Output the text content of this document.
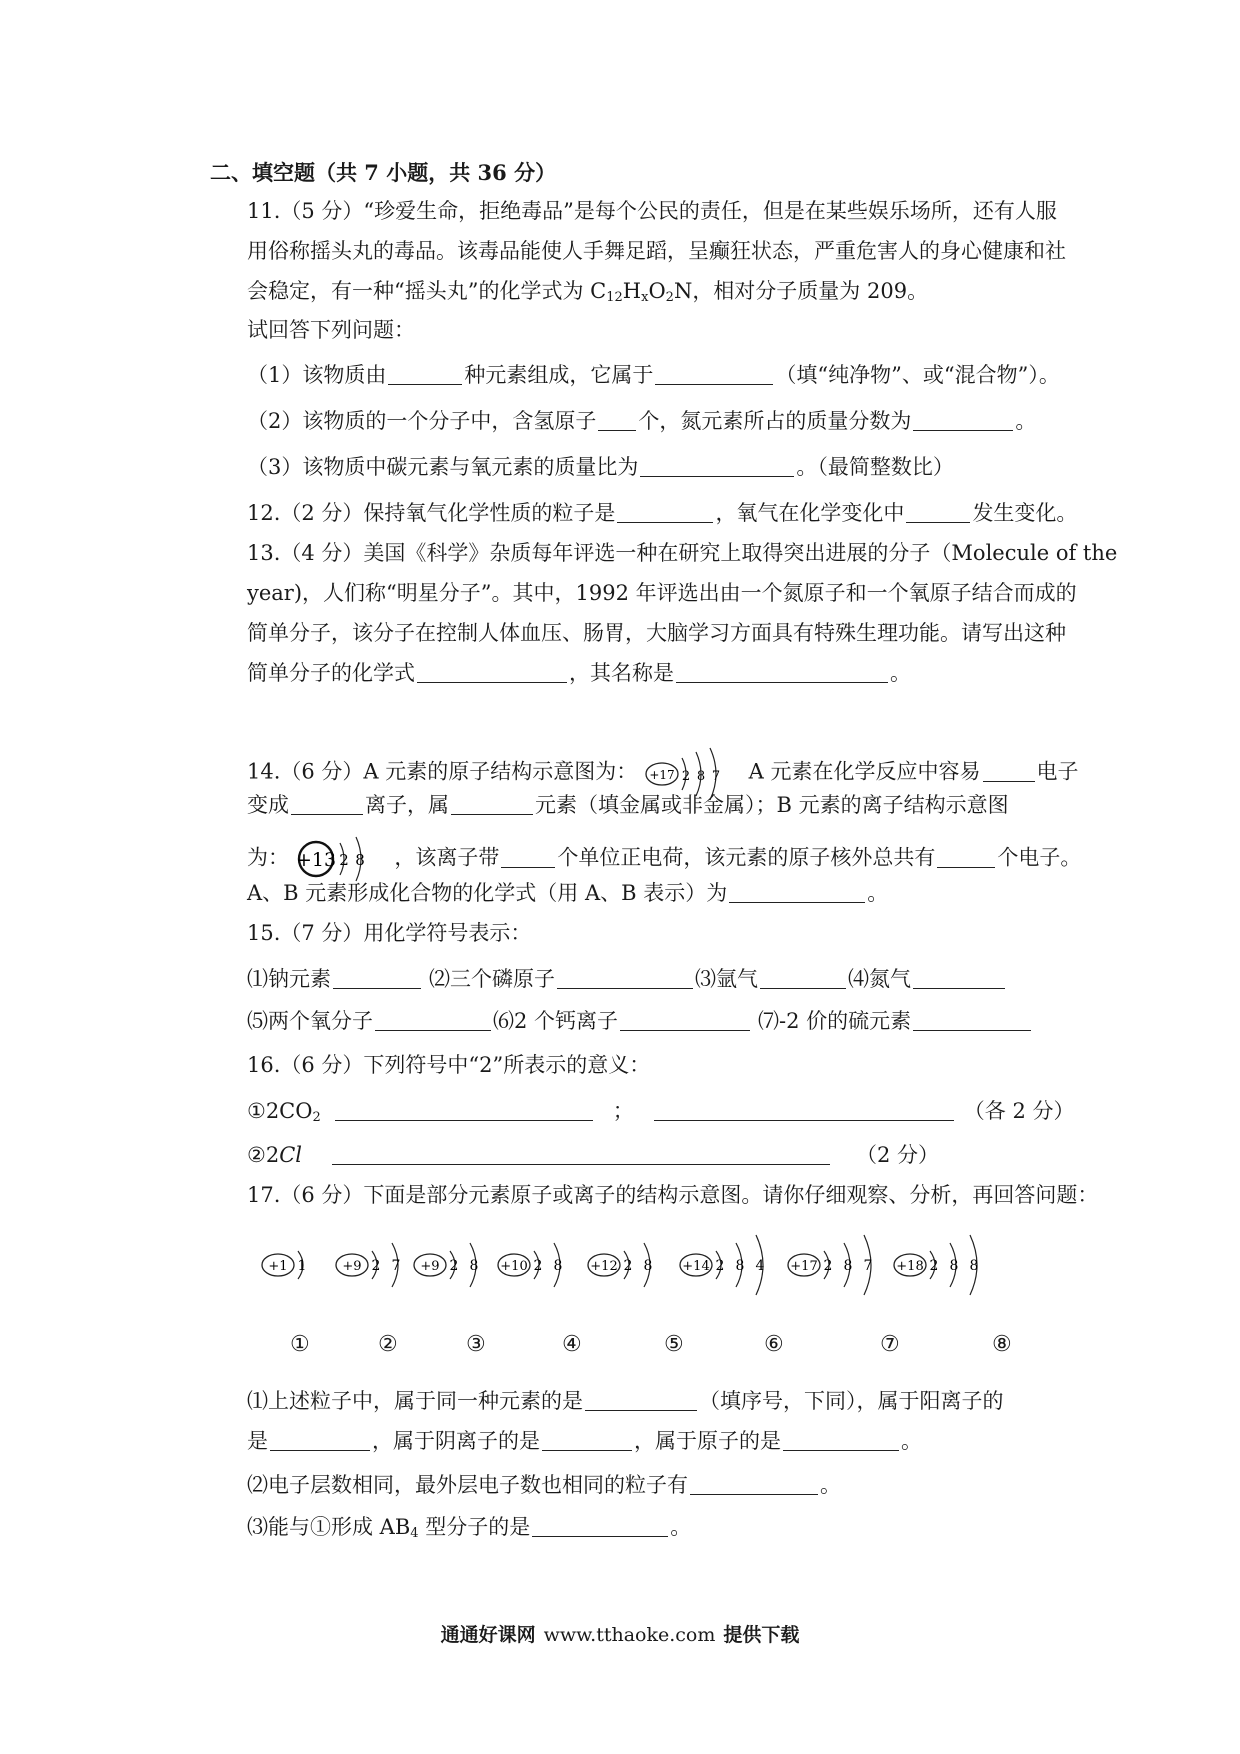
二、填空题（共 7 小题，共 36 分）
11.（5 分）“珍爱生命，拒绝毒品”是每个公民的责任，但是在某些娱乐场所，还有人服
用俗称摇头丸的毒品。该毒品能使人手舞足蹈，呈癫狂状态，严重危害人的身心健康和社
会稳定，有一种“摇头丸”的化学式为 $C_{12}H_xO_2N$，相对分子质量为 209。
试回答下列问题：
（1）该物质由	种元素组成，它属于	（填“纯净物”、或“混合物”）。
（2）该物质的一个分子中，含氢原子 个，氮元素所占的质量分数为	。
（3）该物质中碳元素与氧元素的质量比为	。（最简整数比）
12.（2 分）保持氧气化学性质的粒子是	，氧气在化学变化中	发生变化。
13.（4 分）美国《科学》杂质每年评选一种在研究上取得突出进展的分子（Molecule of the
year)，人们称“明星分子”。其中，1992 年评选出由一个氮原子和一个氧原子结合而成的
简单分子，该分子在控制人体血压、肠胃，大脑学习方面具有特殊生理功能。请写出这种
简单分子的化学式	，其名称是	。
14.（6 分）A 元素的原子结构示意图为： +17 2 8 7 A 元素在化学反应中容易	电子
变成	离子，属	元素（填金属或非金属）；B 元素的离子结构示意图
为： +13 2 8 ，该离子带	个单位正电荷，该元素的原子核外总共有	个电子。
A、B 元素形成化合物的化学式（用 A、B 表示）为	。
15.（7 分）用化学符号表示：
⑴钠元素	⑵三个磷原子	⑶氩气	⑷氮气
⑸两个氧分子	⑹2 个钙离子	⑺-2 价的硫元素
16.（6 分）下列符号中“2”所表示的意义：
$①2CO_2$	；	（各 2 分）
②2Cl	（2 分）
17.（6 分）下面是部分元素原子或离子的结构示意图。请你仔细观察、分析，再回答问题：
+1 1	+9 2 7 +9 2 8 +10 2 8 +12 2 8 +14 2 8 4 +17 2 8 7 +18 2 8 8
①	②	③	④	⑤	⑥	⑦	⑧
⑴上述粒子中，属于同一种元素的是	（填序号，下同），属于阳离子的
是	，属于阴离子的是	，属于原子的是	。
⑵电子层数相同，最外层电子数也相同的粒子有	。
⑶能与①形成 $AB_4$ 型分子的是	。
通通好课网 www.tthaoke.com 提供下载
